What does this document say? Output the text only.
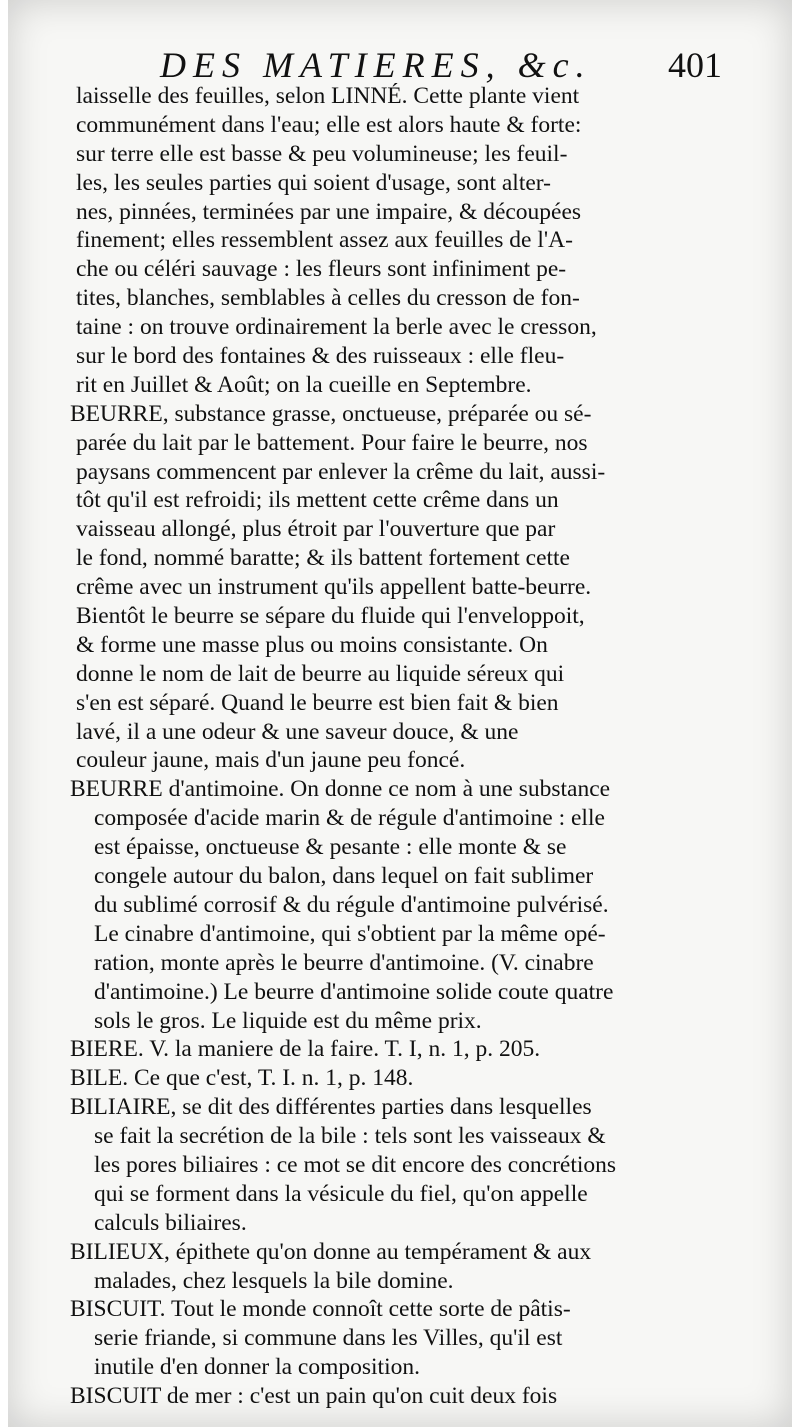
DES MATIERES, &c. 401
laisselle des feuilles, selon LINNÉ. Cette plante vient
communément dans l'eau; elle est alors haute & forte:
sur terre elle est basse & peu volumineuse; les feuil-
les, les seules parties qui soient d'usage, sont alter-
nes, pinnées, terminées par une impaire, & découpées
finement; elles ressemblent assez aux feuilles de l'A-
che ou céléri sauvage : les fleurs sont infiniment pe-
tites, blanches, semblables à celles du cresson de fon-
taine : on trouve ordinairement la berle avec le cresson,
sur le bord des fontaines & des ruisseaux : elle fleu-
rit en Juillet & Août; on la cueille en Septembre.
BEURRE, substance grasse, onctueuse, préparée ou sé-
parée du lait par le battement. Pour faire le beurre, nos
paysans commencent par enlever la crême du lait, aussi-
tôt qu'il est refroidi; ils mettent cette crême dans un
vaisseau allongé, plus étroit par l'ouverture que par
le fond, nommé baratte; & ils battent fortement cette
crême avec un instrument qu'ils appellent batte-beurre.
Bientôt le beurre se sépare du fluide qui l'enveloppoit,
& forme une masse plus ou moins consistante. On
donne le nom de lait de beurre au liquide séreux qui
s'en est séparé. Quand le beurre est bien fait & bien
lavé, il a une odeur & une saveur douce, & une
couleur jaune, mais d'un jaune peu foncé.
BEURRE d'antimoine. On donne ce nom à une substance
composée d'acide marin & de régule d'antimoine : elle
est épaisse, onctueuse & pesante : elle monte & se
congele autour du balon, dans lequel on fait sublimer
du sublimé corrosif & du régule d'antimoine pulvérisé.
Le cinabre d'antimoine, qui s'obtient par la même opé-
ration, monte après le beurre d'antimoine. (V. cinabre
d'antimoine.) Le beurre d'antimoine solide coute quatre
sols le gros. Le liquide est du même prix.
BIERE. V. la maniere de la faire. T. I, n. 1, p. 205.
BILE. Ce que c'est, T. I. n. 1, p. 148.
BILIAIRE, se dit des différentes parties dans lesquelles
se fait la secrétion de la bile : tels sont les vaisseaux &
les pores biliaires : ce mot se dit encore des concrétions
qui se forment dans la vésicule du fiel, qu'on appelle
calculs biliaires.
BILIEUX, épithete qu'on donne au tempérament & aux
malades, chez lesquels la bile domine.
BISCUIT. Tout le monde connoît cette sorte de pâtis-
serie friande, si commune dans les Villes, qu'il est
inutile d'en donner la composition.
BISCUIT de mer : c'est un pain qu'on cuit deux fois
